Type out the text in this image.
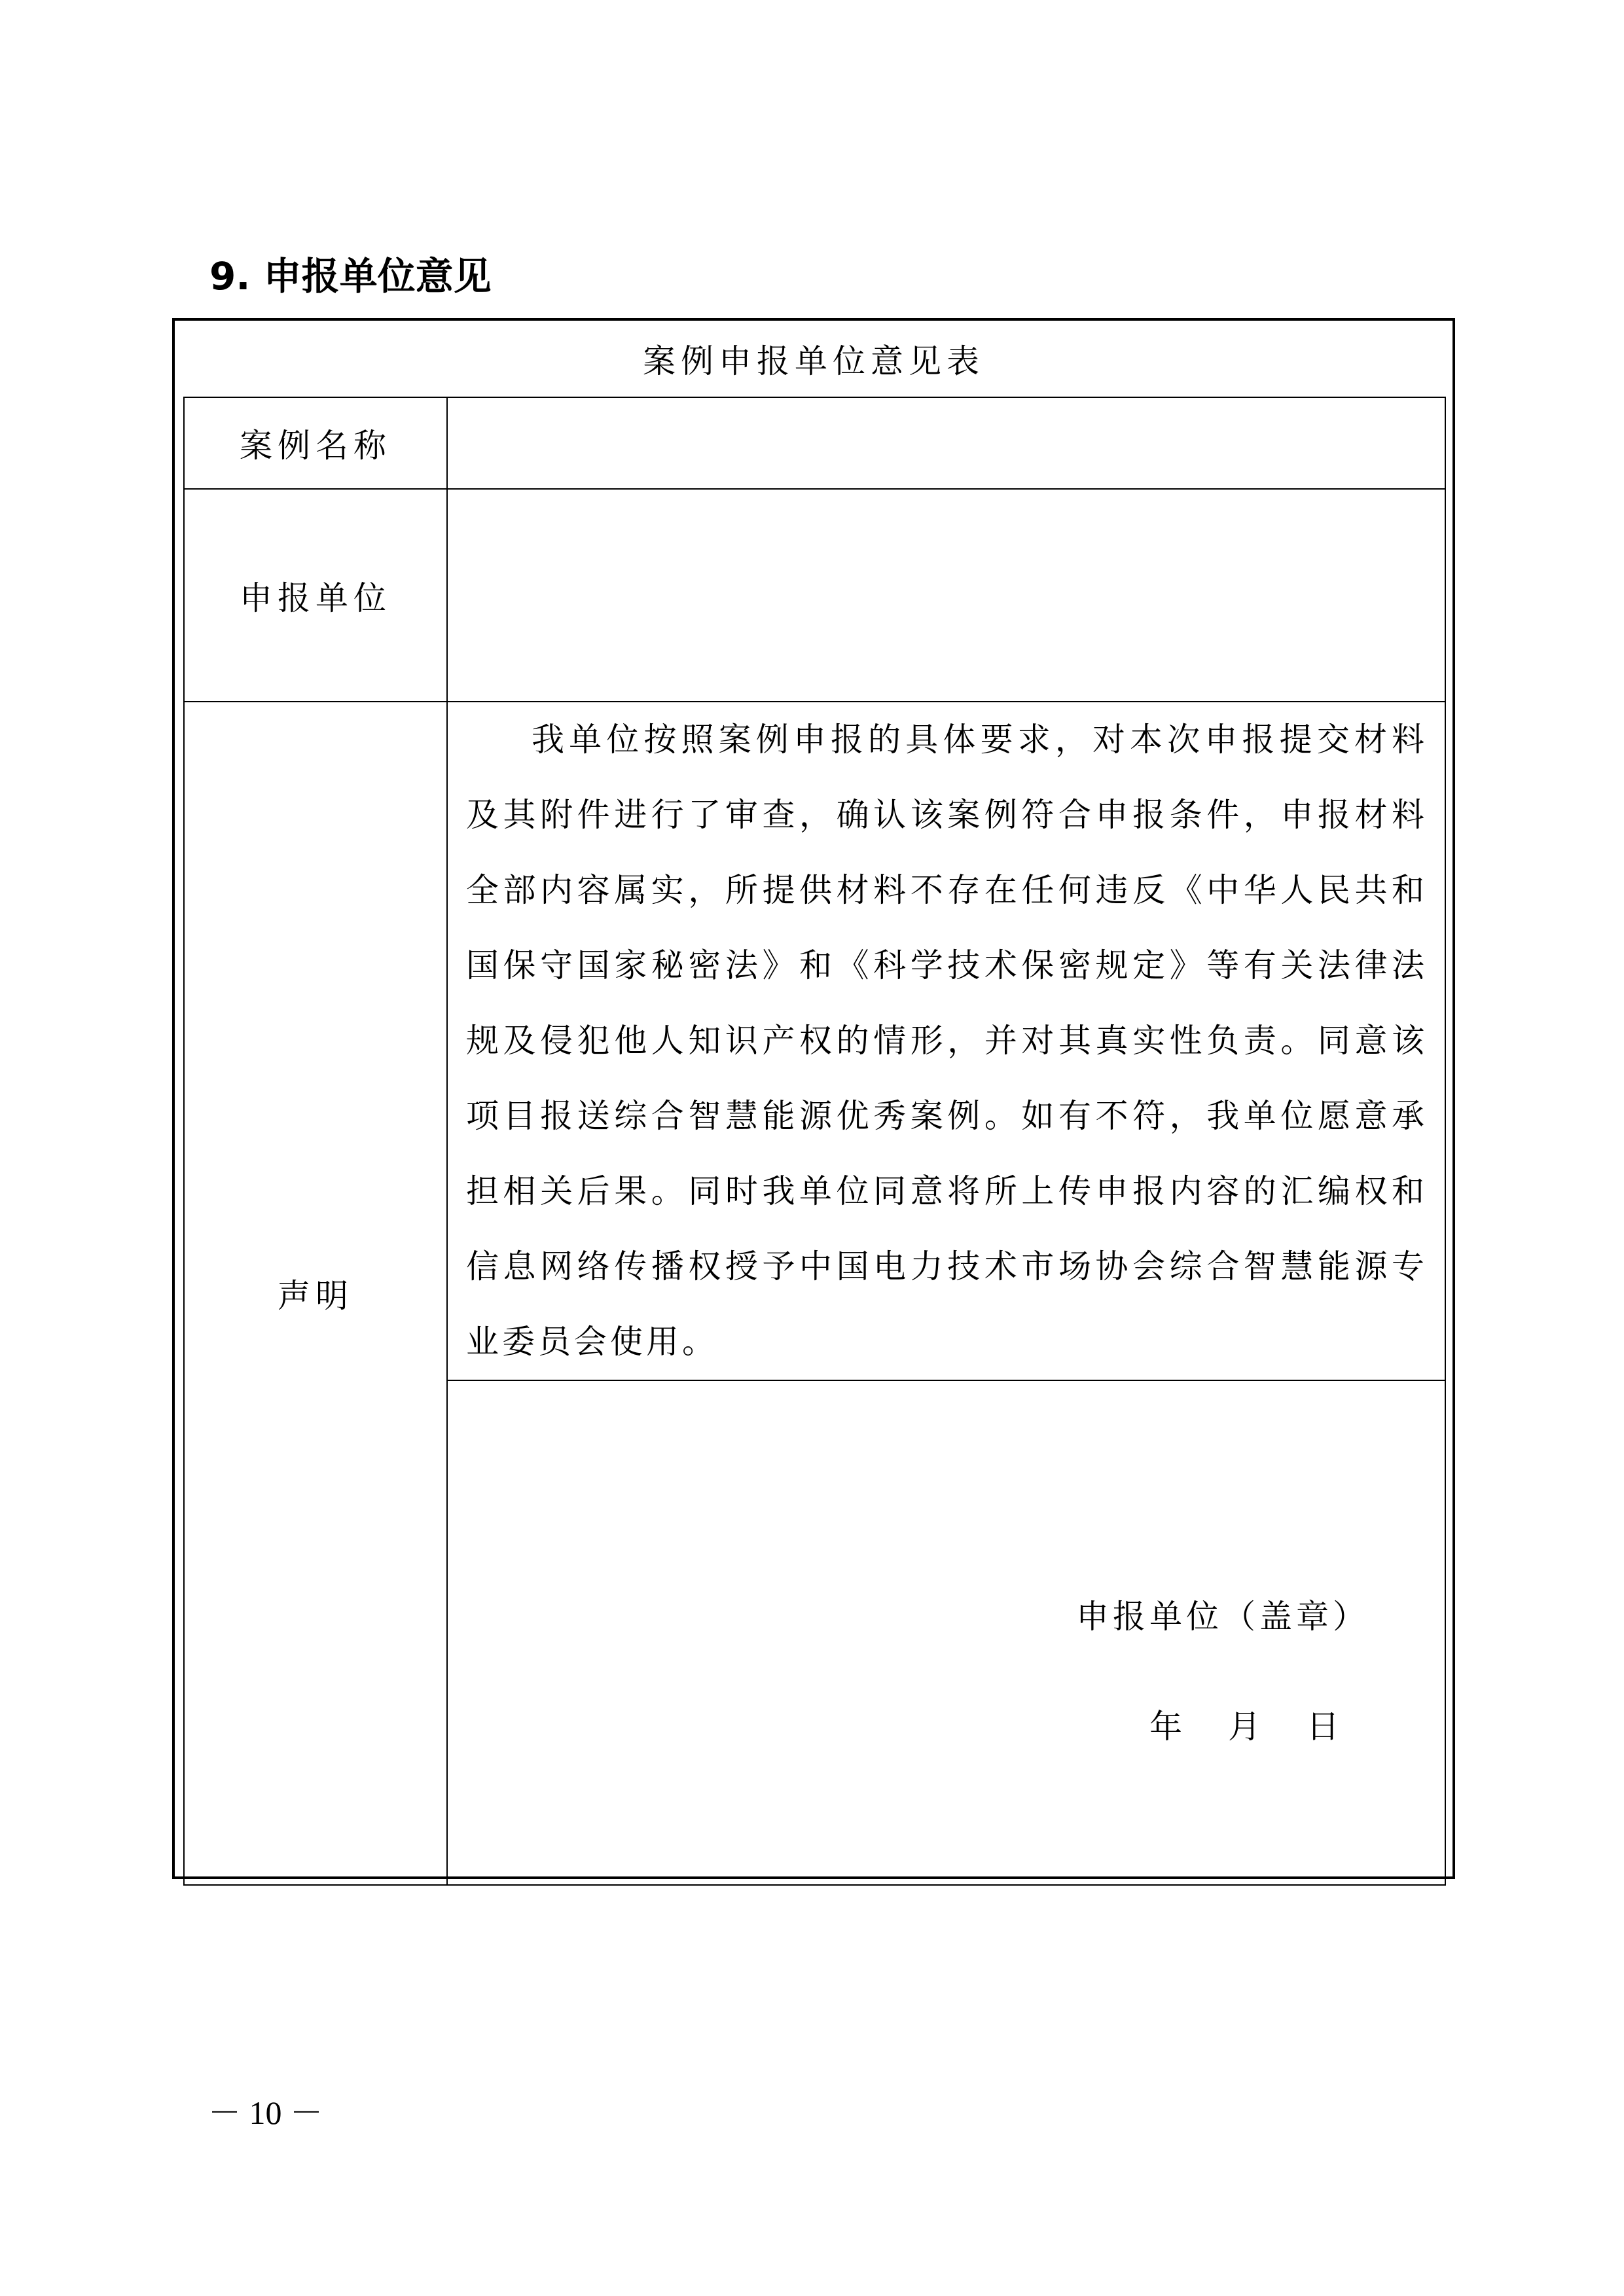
9. 申报单位意见
案例申报单位意见表
案例名称	
申报单位	
声明	我单位按照案例申报的具体要求，对本次申报提交材料及其附件进行了审查，确认该案例符合申报条件，申报材料全部内容属实，所提供材料不存在任何违反《中华人民共和国保守国家秘密法》和《科学技术保密规定》等有关法律法规及侵犯他人知识产权的情形，并对其真实性负责。同意该项目报送综合智慧能源优秀案例。如有不符，我单位愿意承担相关后果。同时我单位同意将所上传申报内容的汇编权和信息网络传播权授予中国电力技术市场协会综合智慧能源专业委员会使用。

	申报单位（盖章）
年 月 日
－ 10 －
